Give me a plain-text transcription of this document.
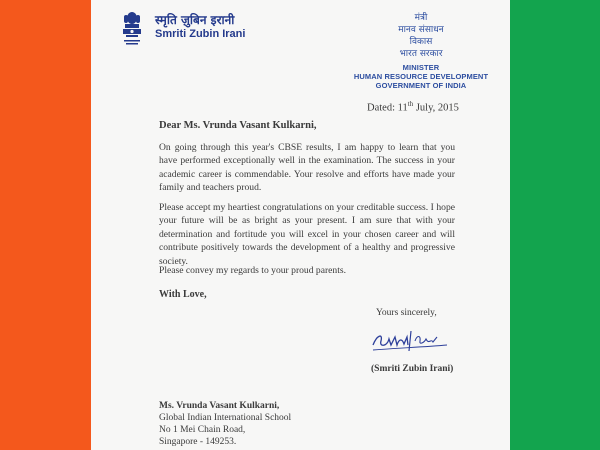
स्मृति ज़ुबिन इरानी
Smriti Zubin Irani
मंत्री
मानव संसाधन
विकास
भारत सरकार
MINISTER
HUMAN RESOURCE DEVELOPMENT
GOVERNMENT OF INDIA
Dated: 11th July, 2015
Dear Ms. Vrunda Vasant Kulkarni,

On going through this year's CBSE results, I am happy to learn that you have performed exceptionally well in the examination. The success in your academic career is commendable. Your resolve and efforts have made your family and teachers proud.

Please accept my heartiest congratulations on your creditable success. I hope your future will be as bright as your present. I am sure that with your determination and fortitude you will excel in your chosen career and will contribute positively towards the development of a healthy and progressive society.

Please convey my regards to your proud parents.

With Love,
Yours sincerely,
(Smriti Zubin Irani)
Ms. Vrunda Vasant Kulkarni,
Global Indian International School
No 1 Mei Chain Road,
Singapore - 149253.
